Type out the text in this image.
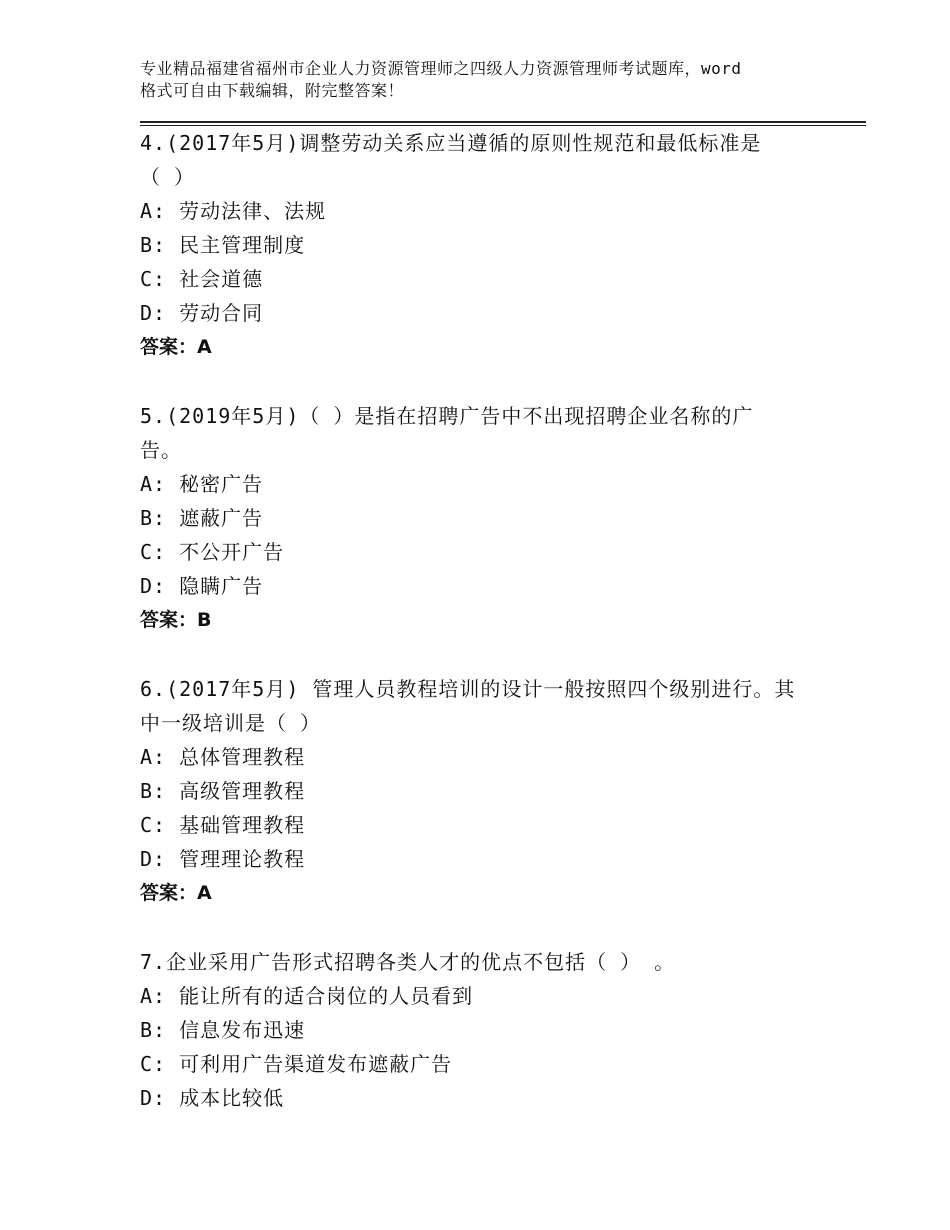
专业精品福建省福州市企业人力资源管理师之四级人力资源管理师考试题库，word
格式可自由下载编辑，附完整答案！

4.(2017年5月)调整劳动关系应当遵循的原则性规范和最低标准是

（ ）

A: 劳动法律、法规

B: 民主管理制度

C: 社会道德

D: 劳动合同

答案：A

5.(2019年5月)（ ）是指在招聘广告中不出现招聘企业名称的广

告。

A: 秘密广告

B: 遮蔽广告

C: 不公开广告

D: 隐瞒广告

答案：B

6.(2017年5月) 管理人员教程培训的设计一般按照四个级别进行。其

中一级培训是（ ）

A: 总体管理教程

B: 高级管理教程

C: 基础管理教程

D: 管理理论教程

答案：A

7.企业采用广告形式招聘各类人才的优点不包括（ ） 。

A: 能让所有的适合岗位的人员看到

B: 信息发布迅速

C: 可利用广告渠道发布遮蔽广告

D: 成本比较低
